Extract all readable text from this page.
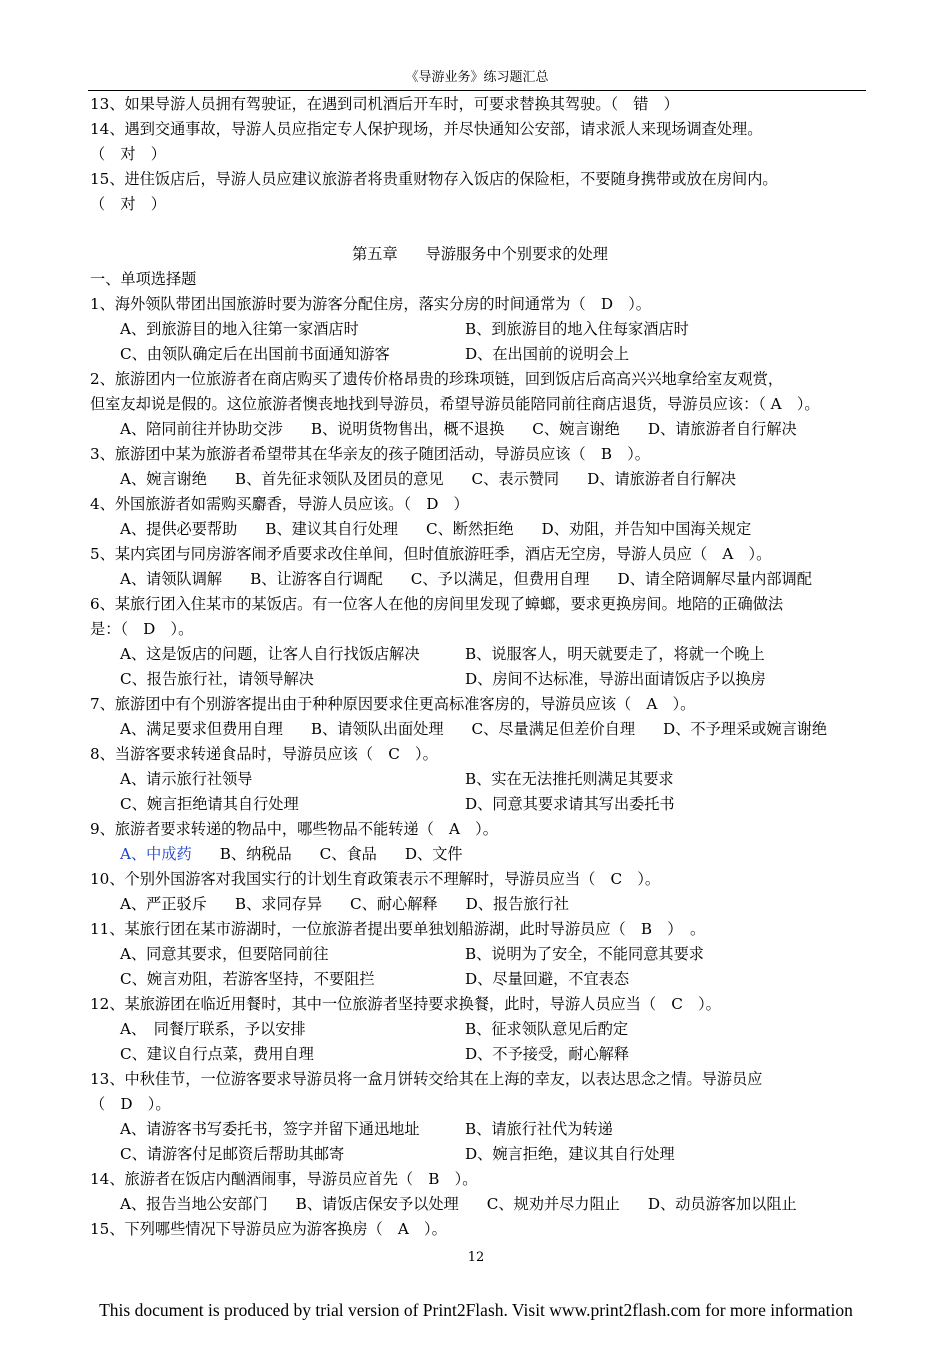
《导游业务》练习题汇总
13、如果导游人员拥有驾驶证，在遇到司机酒后开车时，可要求替换其驾驶。（　错　）
14、遇到交通事故，导游人员应指定专人保护现场，并尽快通知公安部，请求派人来现场调查处理。
（　对　）
15、进住饭店后，导游人员应建议旅游者将贵重财物存入饭店的保险柜，不要随身携带或放在房间内。
（　对　）
第五章 导游服务中个别要求的处理
一、单项选择题
1、海外领队带团出国旅游时要为游客分配住房，落实分房的时间通常为（　D　）。
A、到旅游目的地入往第一家酒店时	B、到旅游目的地入住每家酒店时
C、由领队确定后在出国前书面通知游客	D、在出国前的说明会上
2、旅游团内一位旅游者在商店购买了遗传价格昂贵的珍珠项链，回到饭店后高高兴兴地拿给室友观赏，
但室友却说是假的。这位旅游者懊丧地找到导游员，希望导游员能陪同前往商店退货，导游员应该：（ A　）。
A、陪同前往并协助交涉 B、说明货物售出，概不退换 C、婉言谢绝 D、请旅游者自行解决
3、旅游团中某为旅游者希望带其在华亲友的孩子随团活动，导游员应该（　B　）。
A、婉言谢绝 B、首先征求领队及团员的意见 C、表示赞同 D、请旅游者自行解决
4、外国旅游者如需购买麝香，导游人员应该。（　D　）
A、提供必要帮助 B、建议其自行处理 C、断然拒绝 D、劝阻，并告知中国海关规定
5、某内宾团与同房游客闹矛盾要求改住单间，但时值旅游旺季，酒店无空房，导游人员应（　A　）。
A、请领队调解 B、让游客自行调配 C、予以满足，但费用自理 D、请全陪调解尽量内部调配
6、某旅行团入住某市的某饭店。有一位客人在他的房间里发现了蟑螂，要求更换房间。地陪的正确做法
是：（　D　）。
A、这是饭店的问题，让客人自行找饭店解决	B、说服客人，明天就要走了，将就一个晚上
C、报告旅行社，请领导解决	D、房间不达标准，导游出面请饭店予以换房
7、旅游团中有个别游客提出由于种种原因要求住更高标准客房的，导游员应该（　A　）。
A、满足要求但费用自理 B、请领队出面处理 C、尽量满足但差价自理 D、不予理采或婉言谢绝
8、当游客要求转递食品时，导游员应该（　C　）。
A、请示旅行社领导	B、实在无法推托则满足其要求
C、婉言拒绝请其自行处理	D、同意其要求请其写出委托书
9、旅游者要求转递的物品中，哪些物品不能转递（　A　）。
A、中成药 B、纳税品 C、食品 D、文件
10、个别外国游客对我国实行的计划生育政策表示不理解时，导游员应当（　C　）。
A、严正驳斥 B、求同存异 C、耐心解释 D、报告旅行社
11、某旅行团在某市游湖时，一位旅游者提出要单独划船游湖，此时导游员应（　B　）　。
A、同意其要求，但要陪同前往	B、说明为了安全，不能同意其要求
C、婉言劝阻，若游客坚持，不要阻拦	D、尽量回避，不宜表态
12、某旅游团在临近用餐时，其中一位旅游者坚持要求换餐，此时，导游人员应当（　C　）。
A、　同餐厅联系，予以安排	B、征求领队意见后酌定
C、建议自行点菜，费用自理	D、不予接受，耐心解释
13、中秋佳节，一位游客要求导游员将一盒月饼转交给其在上海的幸友，以表达思念之情。导游员应
（　D　）。
A、请游客书写委托书，签字并留下通迅地址	B、请旅行社代为转递
C、请游客付足邮资后帮助其邮寄	D、婉言拒绝，建议其自行处理
14、旅游者在饭店内酗酒闹事，导游员应首先（　B　）。
A、报告当地公安部门 B、请饭店保安予以处理 C、规劝并尽力阻止 D、动员游客加以阻止
15、下列哪些情况下导游员应为游客换房（　A　）。
12
This document is produced by trial version of Print2Flash. Visit www.print2flash.com for more information
